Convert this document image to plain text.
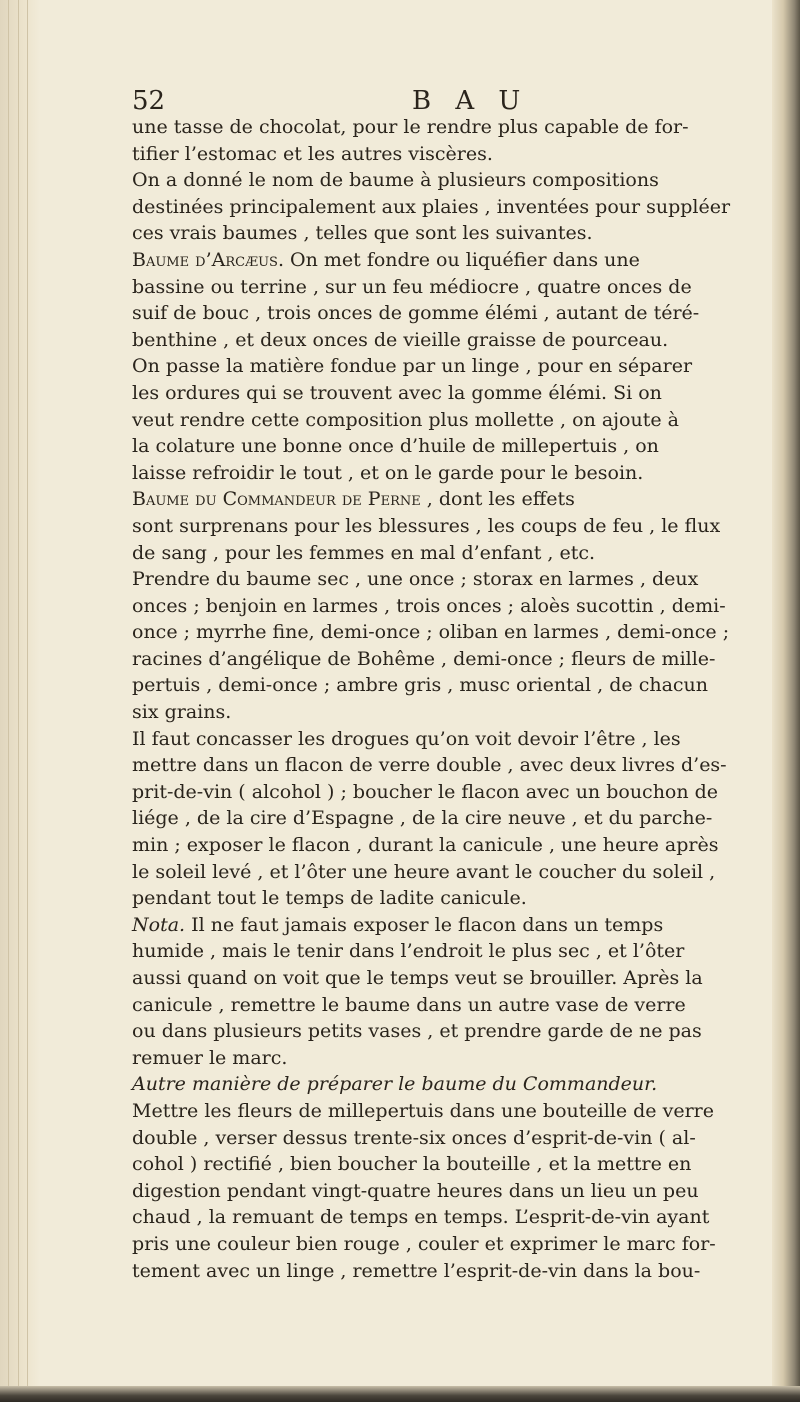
52	B A U
une tasse de chocolat, pour le rendre plus capable de for-
tifier l’estomac et les autres viscères.
On a donné le nom de baume à plusieurs compositions
destinées principalement aux plaies , inventées pour suppléer
ces vrais baumes , telles que sont les suivantes.
Baume d’Arcæus. On met fondre ou liquéfier dans une
bassine ou terrine , sur un feu médiocre , quatre onces de
suif de bouc , trois onces de gomme élémi , autant de téré-
benthine , et deux onces de vieille graisse de pourceau.
On passe la matière fondue par un linge , pour en séparer
les ordures qui se trouvent avec la gomme élémi. Si on
veut rendre cette composition plus mollette , on ajoute à
la colature une bonne once d’huile de millepertuis , on
laisse refroidir le tout , et on le garde pour le besoin.
Baume du Commandeur de Perne , dont les effets
sont surprenans pour les blessures , les coups de feu , le flux
de sang , pour les femmes en mal d’enfant , etc.
Prendre du baume sec , une once ; storax en larmes , deux
onces ; benjoin en larmes , trois onces ; aloès sucottin , demi-
once ; myrrhe fine, demi-once ; oliban en larmes , demi-once ;
racines d’angélique de Bohême , demi-once ; fleurs de mille-
pertuis , demi-once ; ambre gris , musc oriental , de chacun
six grains.
Il faut concasser les drogues qu’on voit devoir l’être , les
mettre dans un flacon de verre double , avec deux livres d’es-
prit-de-vin ( alcohol ) ; boucher le flacon avec un bouchon de
liége , de la cire d’Espagne , de la cire neuve , et du parche-
min ; exposer le flacon , durant la canicule , une heure après
le soleil levé , et l’ôter une heure avant le coucher du soleil ,
pendant tout le temps de ladite canicule.
Nota. Il ne faut jamais exposer le flacon dans un temps
humide , mais le tenir dans l’endroit le plus sec , et l’ôter
aussi quand on voit que le temps veut se brouiller. Après la
canicule , remettre le baume dans un autre vase de verre
ou dans plusieurs petits vases , et prendre garde de ne pas
remuer le marc.
Autre manière de préparer le baume du Commandeur.
Mettre les fleurs de millepertuis dans une bouteille de verre
double , verser dessus trente-six onces d’esprit-de-vin ( al-
cohol ) rectifié , bien boucher la bouteille , et la mettre en
digestion pendant vingt-quatre heures dans un lieu un peu
chaud , la remuant de temps en temps. L’esprit-de-vin ayant
pris une couleur bien rouge , couler et exprimer le marc for-
tement avec un linge , remettre l’esprit-de-vin dans la bou-
